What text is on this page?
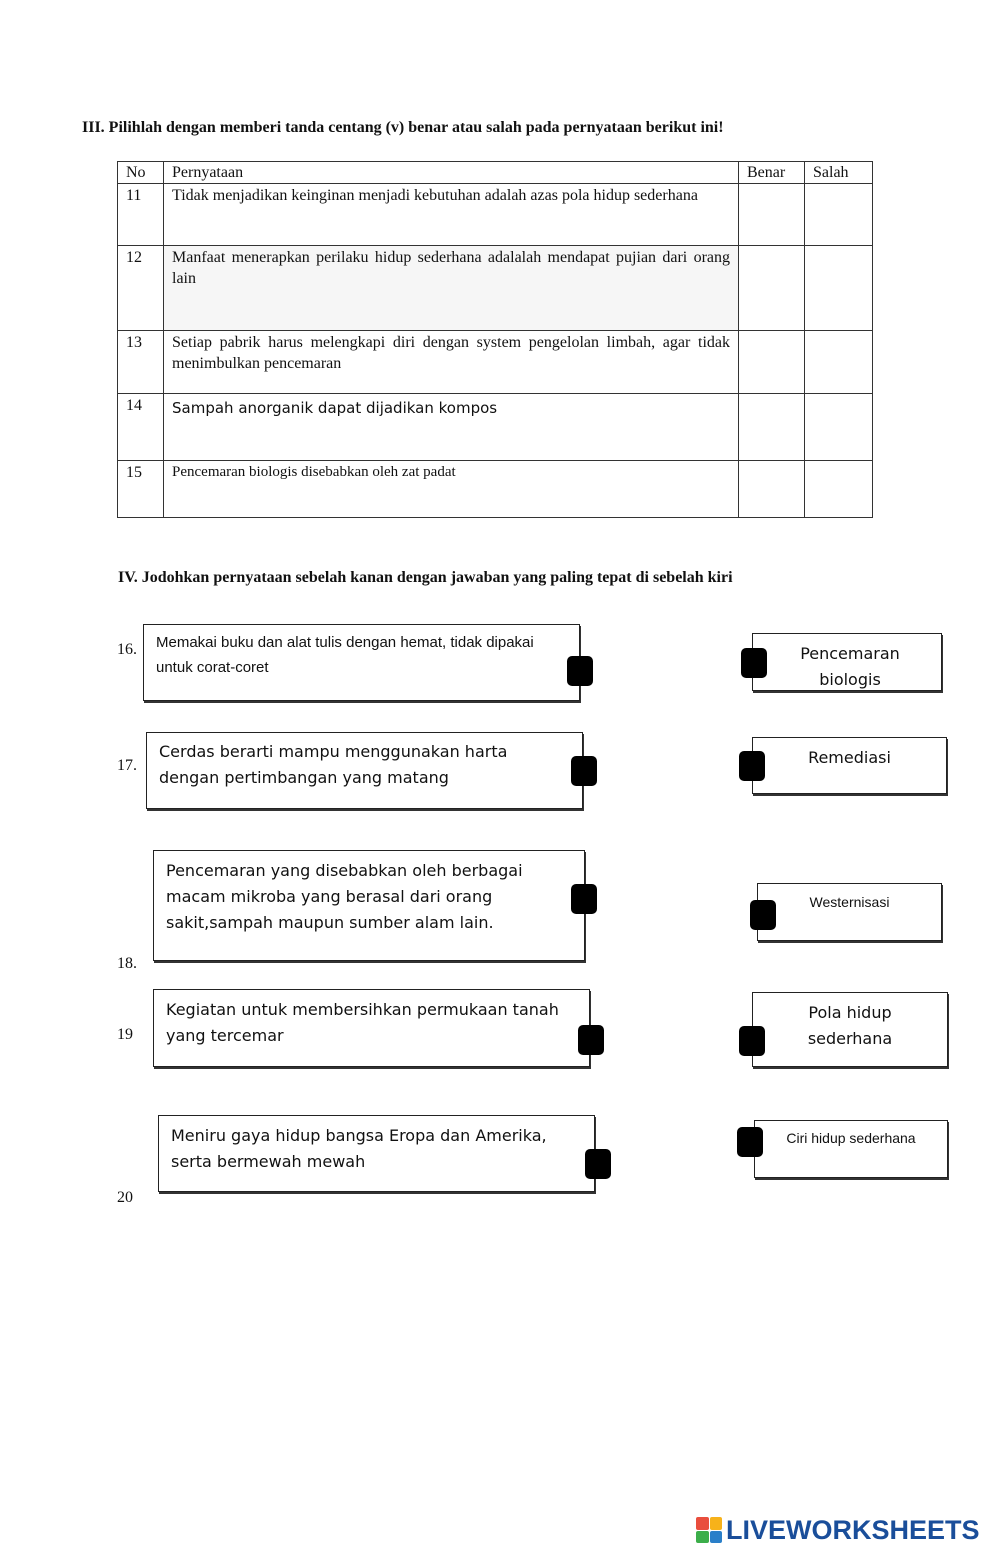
III. Pilihlah dengan memberi tanda centang (v) benar atau salah pada pernyataan berikut ini!
No	Pernyataan	Benar	Salah
11	Tidak menjadikan keinginan menjadi kebutuhan adalah azas pola hidup sederhana		
12	Manfaat menerapkan perilaku hidup sederhana adalalah mendapat pujian dari orang lain		
13	Setiap pabrik harus melengkapi diri dengan system pengelolan limbah, agar tidak menimbulkan pencemaran		
14	Sampah anorganik dapat dijadikan kompos		
15	Pencemaran biologis disebabkan oleh zat padat		
IV. Jodohkan pernyataan sebelah kanan dengan jawaban yang paling tepat di sebelah kiri
16.
17.
18.
19
20
Memakai buku dan alat tulis dengan hemat, tidak dipakai untuk corat-coret
Cerdas berarti mampu menggunakan harta dengan pertimbangan yang matang
Pencemaran yang disebabkan oleh berbagai macam mikroba yang berasal dari orang sakit,sampah maupun sumber alam lain.
Kegiatan untuk membersihkan permukaan tanah yang tercemar
Meniru gaya hidup bangsa Eropa dan Amerika, serta bermewah mewah
Pencemaran biologis
Remediasi
Westernisasi
Pola hidup sederhana
Ciri hidup sederhana
LIVEWORKSHEETS
